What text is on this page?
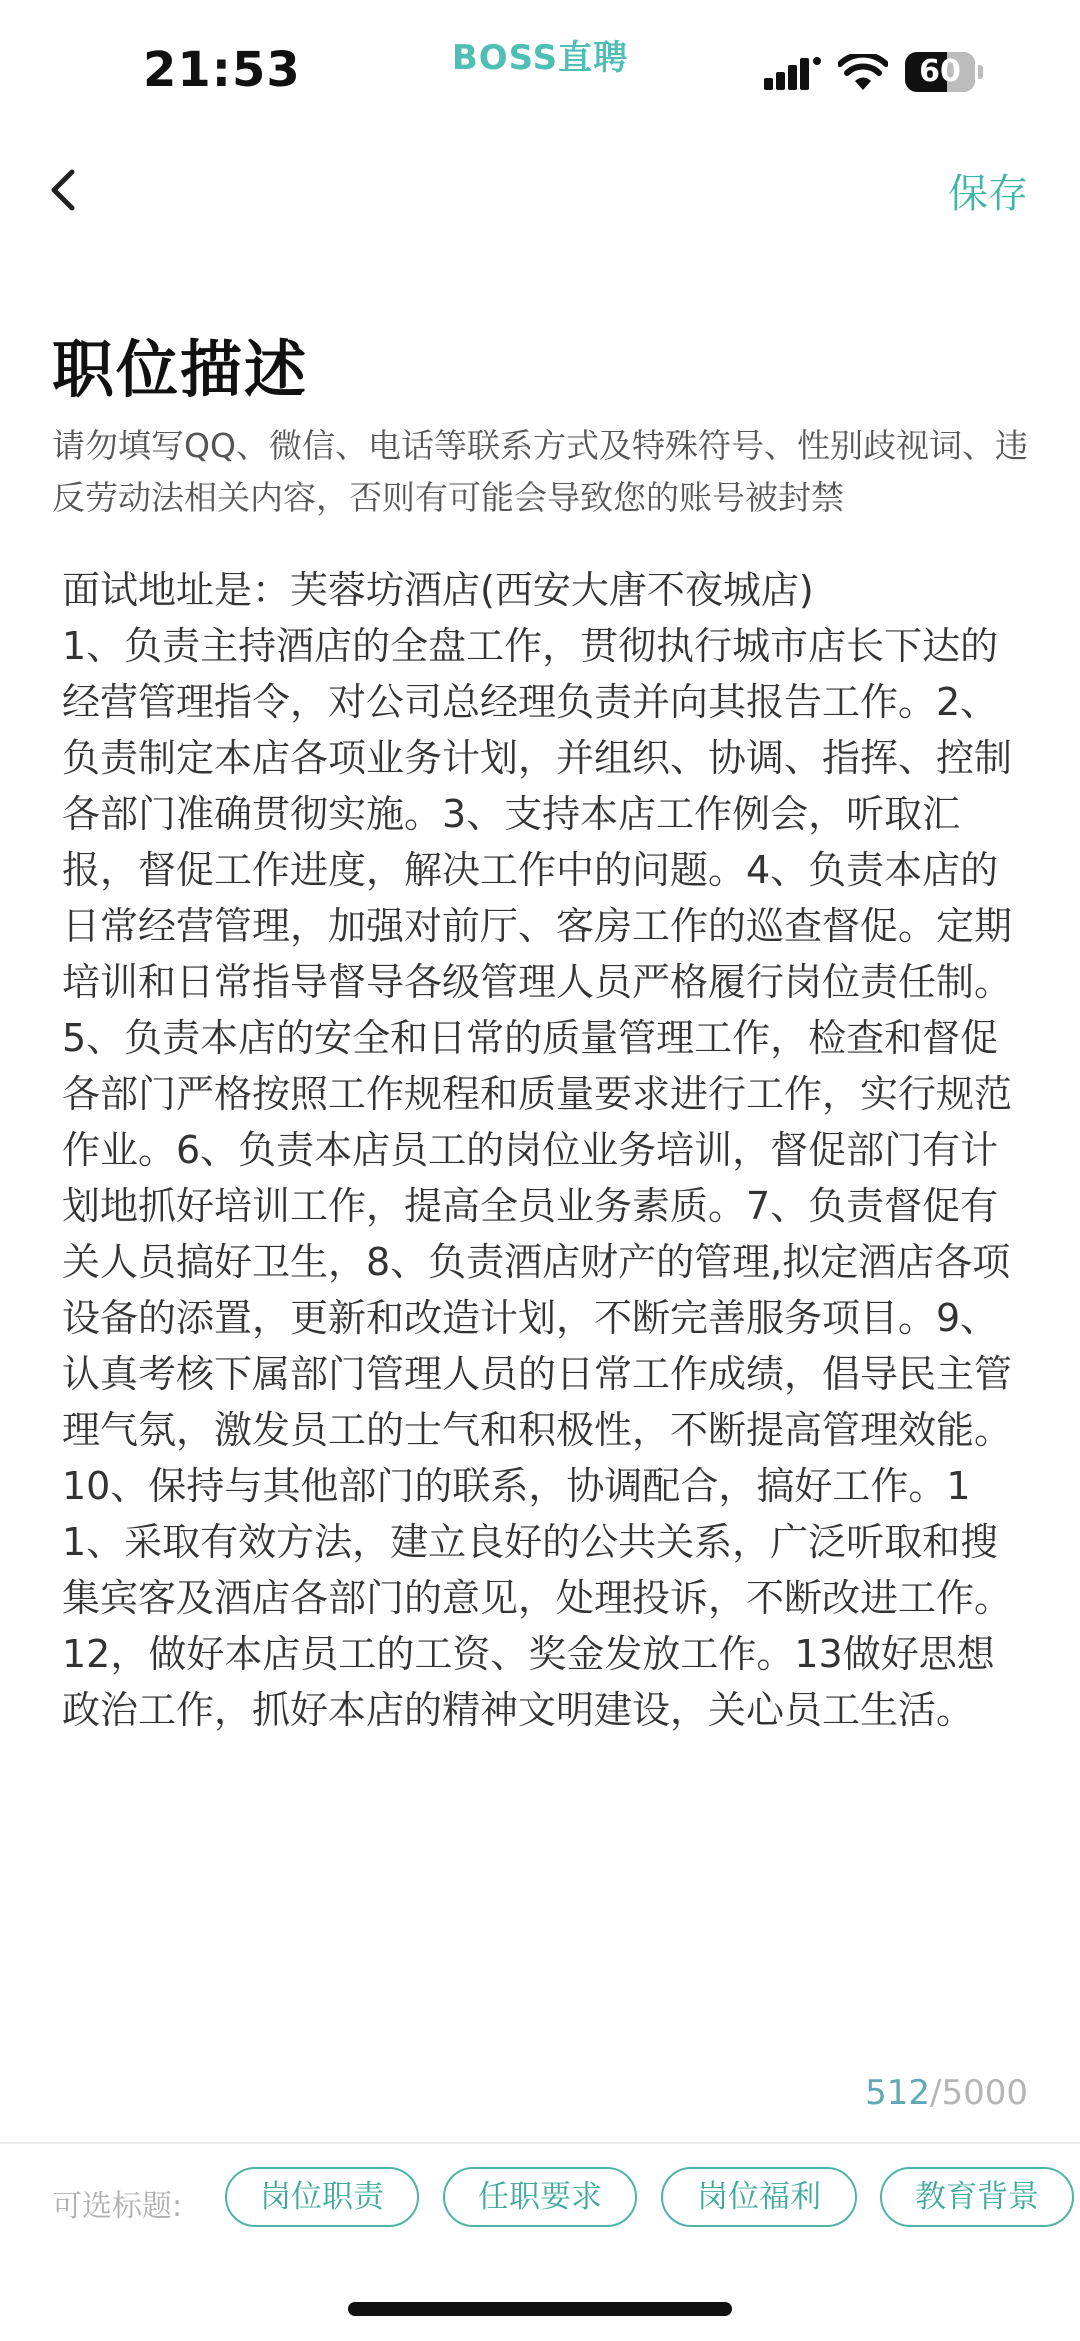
21:53	BOSS直聘	60
保存
职位描述
请勿填写QQ、微信、电话等联系方式及特殊符号、性别歧视词、违反劳动法相关内容，否则有可能会导致您的账号被封禁
面试地址是：芙蓉坊酒店(西安大唐不夜城店)
1、负责主持酒店的全盘工作，贯彻执行城市店长下达的经营管理指令，对公司总经理负责并向其报告工作。2、负责制定本店各项业务计划，并组织、协调、指挥、控制各部门准确贯彻实施。3、支持本店工作例会，听取汇报，督促工作进度，解决工作中的问题。4、负责本店的日常经营管理，加强对前厅、客房工作的巡查督促。定期培训和日常指导督导各级管理人员严格履行岗位责任制。5、负责本店的安全和日常的质量管理工作，检查和督促各部门严格按照工作规程和质量要求进行工作，实行规范作业。6、负责本店员工的岗位业务培训，督促部门有计划地抓好培训工作，提高全员业务素质。7、负责督促有关人员搞好卫生，8、负责酒店财产的管理,拟定酒店各项设备的添置，更新和改造计划，不断完善服务项目。9、认真考核下属部门管理人员的日常工作成绩，倡导民主管理气氛，激发员工的士气和积极性，不断提高管理效能。10、保持与其他部门的联系，协调配合，搞好工作。11、采取有效方法，建立良好的公共关系，广泛听取和搜集宾客及酒店各部门的意见，处理投诉，不断改进工作。12，做好本店员工的工资、奖金发放工作。13做好思想政治工作，抓好本店的精神文明建设，关心员工生活。
512/5000
可选标题:	岗位职责	任职要求	岗位福利	教育背景
